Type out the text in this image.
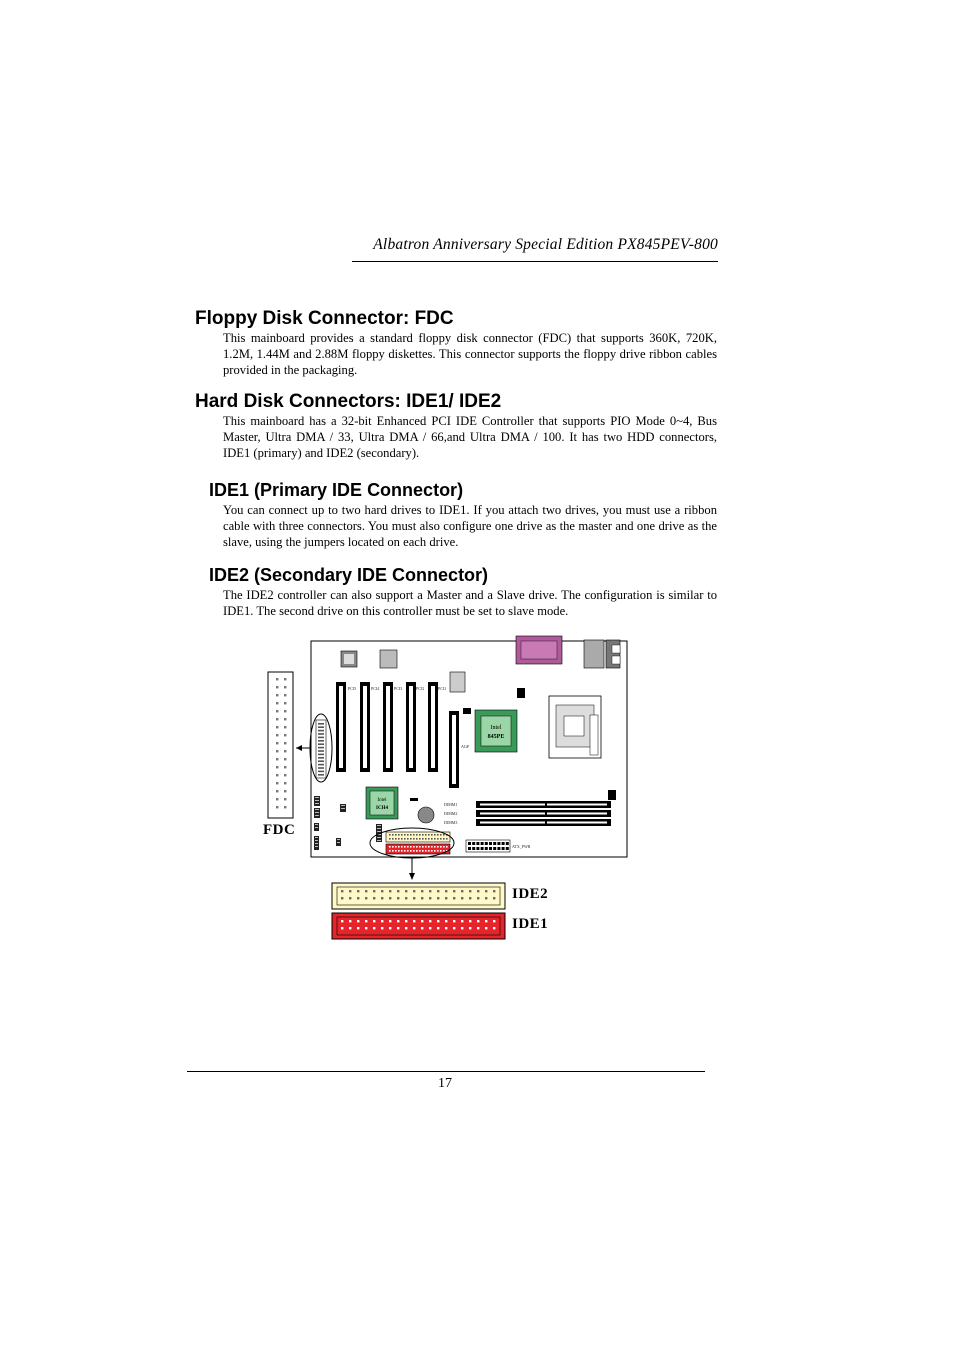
Albatron Anniversary Special Edition PX845PEV-800
Floppy Disk Connector: FDC

This mainboard provides a standard floppy disk connector (FDC) that supports 360K, 720K, 1.2M, 1.44M and 2.88M floppy diskettes. This connector supports the floppy drive ribbon cables provided in the packaging.

Hard Disk Connectors: IDE1/ IDE2

This mainboard has a 32-bit Enhanced PCI IDE Controller that supports PIO Mode 0~4, Bus Master, Ultra DMA / 33, Ultra DMA / 66,and Ultra DMA / 100. It has two HDD connectors, IDE1 (primary) and IDE2 (secondary).

IDE1 (Primary IDE Connector)

You can connect up to two hard drives to IDE1. If you attach two drives, you must use a ribbon cable with three connectors. You must also configure one drive as the master and one drive as the slave, using the jumpers located on each drive.

IDE2 (Secondary IDE Connector)

The IDE2 controller can also support a Master and a Slave drive. The configuration is similar to IDE1. The second drive on this controller must be set to slave mode.

PCI5	PCI4	PCI3	PCI2	PCI1
AGP
Intel
845PE
Intel
ICH4
DIMM1
DIMM2
DIMM3
ATX_PWR
FDC
IDE2
IDE1
17
